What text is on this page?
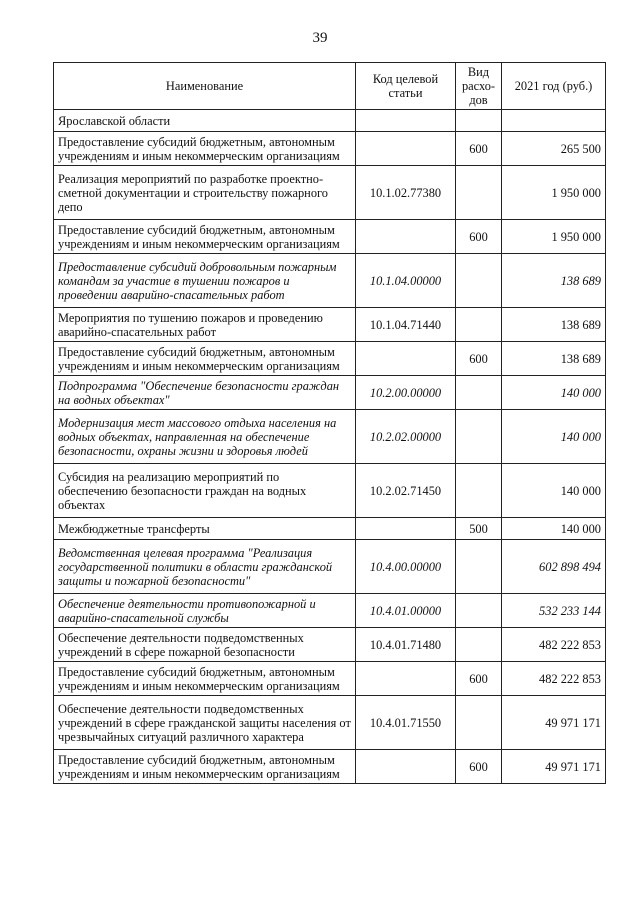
39
Наименование	Код целевой статьи	Вид расхо-дов	2021 год (руб.)
Ярославской области			
Предоставление субсидий бюджетным, автономным учреждениям и иным некоммерческим организациям		600	265 500
Реализация мероприятий по разработке проектно-сметной документации и строительству пожарного депо	10.1.02.77380		1 950 000
Предоставление субсидий бюджетным, автономным учреждениям и иным некоммерческим организациям		600	1 950 000
Предоставление субсидий добровольным пожарным командам за участие в тушении пожаров и проведении аварийно-спасательных работ	10.1.04.00000		138 689
Мероприятия по тушению пожаров и проведению аварийно-спасательных работ	10.1.04.71440		138 689
Предоставление субсидий бюджетным, автономным учреждениям и иным некоммерческим организациям		600	138 689
Подпрограмма "Обеспечение безопасности граждан на водных объектах"	10.2.00.00000		140 000
Модернизация мест массового отдыха населения на водных объектах, направленная на обеспечение безопасности, охраны жизни и здоровья людей	10.2.02.00000		140 000
Субсидия на реализацию мероприятий по обеспечению безопасности граждан на водных объектах	10.2.02.71450		140 000
Межбюджетные трансферты		500	140 000
Ведомственная целевая программа "Реализация государственной политики в области гражданской защиты и пожарной безопасности"	10.4.00.00000		602 898 494
Обеспечение деятельности противопожарной и аварийно-спасательной службы	10.4.01.00000		532 233 144
Обеспечение деятельности подведомственных учреждений в сфере пожарной безопасности	10.4.01.71480		482 222 853
Предоставление субсидий бюджетным, автономным учреждениям и иным некоммерческим организациям		600	482 222 853
Обеспечение деятельности подведомственных учреждений в сфере гражданской защиты населения от чрезвычайных ситуаций различного характера	10.4.01.71550		49 971 171
Предоставление субсидий бюджетным, автономным учреждениям и иным некоммерческим организациям		600	49 971 171
